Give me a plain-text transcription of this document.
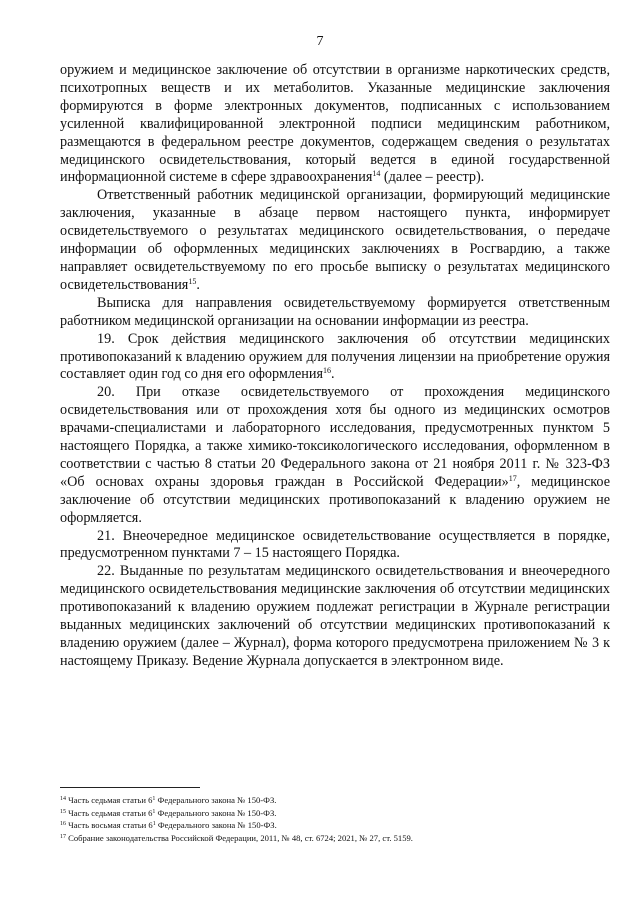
7

оружием и медицинское заключение об отсутствии в организме наркотических средств, психотропных веществ и их метаболитов. Указанные медицинские заключения формируются в форме электронных документов, подписанных с использованием усиленной квалифицированной электронной подписи медицинским работником, размещаются в федеральном реестре документов, содержащем сведения о результатах медицинского освидетельствования, который ведется в единой государственной информационной системе в сфере здравоохранения$^{14}$ (далее – реестр).

Ответственный работник медицинской организации, формирующий медицинские заключения, указанные в абзаце первом настоящего пункта, информирует освидетельствуемого о результатах медицинского освидетельствования, о передаче информации об оформленных медицинских заключениях в Росгвардию, а также направляет освидетельствуемому по его просьбе выписку о результатах медицинского освидетельствования$^{15}$.

Выписка для направления освидетельствуемому формируется ответственным работником медицинской организации на основании информации из реестра.

19. Срок действия медицинского заключения об отсутствии медицинских противопоказаний к владению оружием для получения лицензии на приобретение оружия составляет один год со дня его оформления$^{16}$.

20. При отказе освидетельствуемого от прохождения медицинского освидетельствования или от прохождения хотя бы одного из медицинских осмотров врачами-специалистами и лабораторного исследования, предусмотренных пунктом 5 настоящего Порядка, а также химико-токсикологического исследования, оформленном в соответствии с частью 8 статьи 20 Федерального закона от 21 ноября 2011 г. № 323-ФЗ «Об основах охраны здоровья граждан в Российской Федерации»$^{17}$, медицинское заключение об отсутствии медицинских противопоказаний к владению оружием не оформляется.

21. Внеочередное медицинское освидетельствование осуществляется в порядке, предусмотренном пунктами 7 – 15 настоящего Порядка.

22. Выданные по результатам медицинского освидетельствования и внеочередного медицинского освидетельствования медицинские заключения об отсутствии медицинских противопоказаний к владению оружием подлежат регистрации в Журнале регистрации выданных медицинских заключений об отсутствии медицинских противопоказаний к владению оружием (далее – Журнал), форма которого предусмотрена приложением № 3 к настоящему Приказу. Ведение Журнала допускается в электронном виде.

$^{14}$ Часть седьмая статьи $6^1$ Федерального закона № 150-ФЗ.
$^{15}$ Часть седьмая статьи $6^1$ Федерального закона № 150-ФЗ.
$^{16}$ Часть восьмая статьи $6^1$ Федерального закона № 150-ФЗ.
$^{17}$ Собрание законодательства Российской Федерации, 2011, № 48, ст. 6724; 2021, № 27, ст. 5159.
